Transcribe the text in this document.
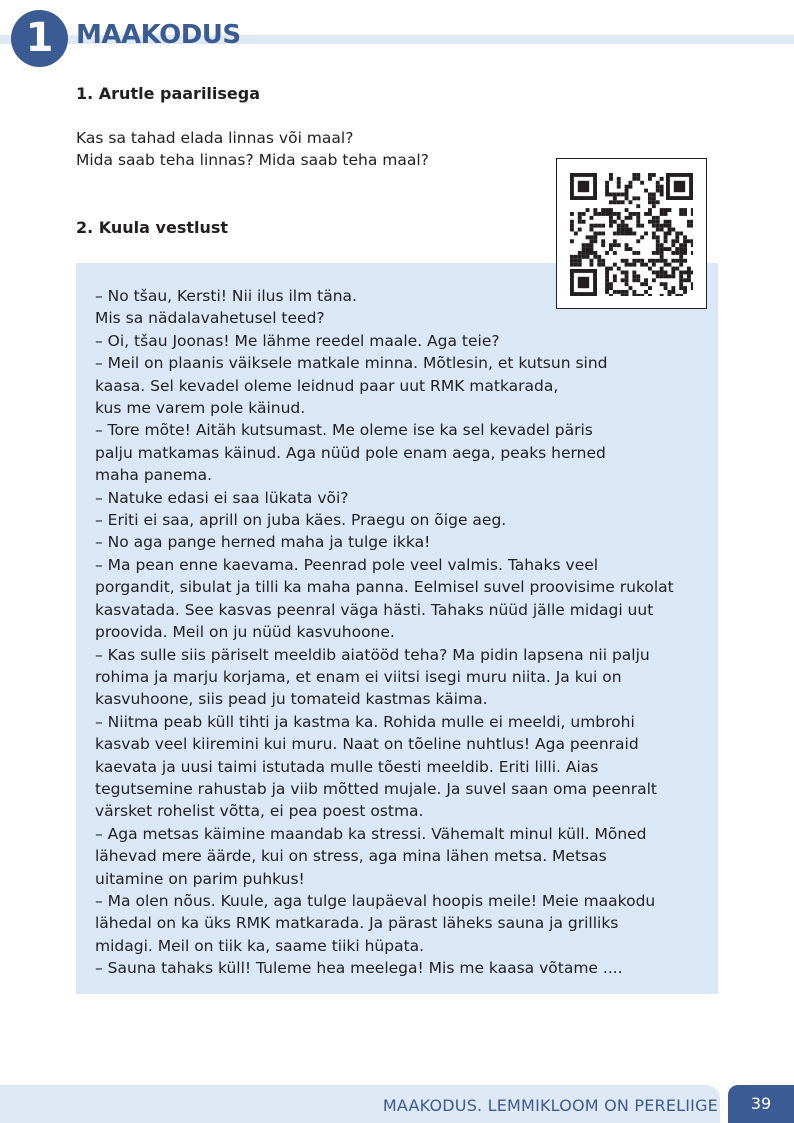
1 MAAKODUS
1. Arutle paarilisega
Kas sa tahad elada linnas või maal?
Mida saab teha linnas? Mida saab teha maal?
2. Kuula vestlust
– No tšau, Kersti! Nii ilus ilm täna.
Mis sa nädalavahetusel teed?
– Oi, tšau Joonas! Me lähme reedel maale. Aga teie?
– Meil on plaanis väiksele matkale minna. Mõtlesin, et kutsun sind
kaasa. Sel kevadel oleme leidnud paar uut RMK matkarada,
kus me varem pole käinud.
– Tore mõte! Aitäh kutsumast. Me oleme ise ka sel kevadel päris
palju matkamas käinud. Aga nüüd pole enam aega, peaks herned
maha panema.
– Natuke edasi ei saa lükata või?
– Eriti ei saa, aprill on juba käes. Praegu on õige aeg.
– No aga pange herned maha ja tulge ikka!
– Ma pean enne kaevama. Peenrad pole veel valmis. Tahaks veel
porgandit, sibulat ja tilli ka maha panna. Eelmisel suvel proovisime rukolat
kasvatada. See kasvas peenral väga hästi. Tahaks nüüd jälle midagi uut
proovida. Meil on ju nüüd kasvuhoone.
– Kas sulle siis päriselt meeldib aiatööd teha? Ma pidin lapsena nii palju
rohima ja marju korjama, et enam ei viitsi isegi muru niita. Ja kui on
kasvuhoone, siis pead ju tomateid kastmas käima.
– Niitma peab küll tihti ja kastma ka. Rohida mulle ei meeldi, umbrohi
kasvab veel kiiremini kui muru. Naat on tõeline nuhtlus! Aga peenraid
kaevata ja uusi taimi istutada mulle tõesti meeldib. Eriti lilli. Aias
tegutsemine rahustab ja viib mõtted mujale. Ja suvel saan oma peenralt
värsket rohelist võtta, ei pea poest ostma.
– Aga metsas käimine maandab ka stressi. Vähemalt minul küll. Mõned
lähevad mere äärde, kui on stress, aga mina lähen metsa. Metsas
uitamine on parim puhkus!
– Ma olen nõus. Kuule, aga tulge laupäeval hoopis meile! Meie maakodu
lähedal on ka üks RMK matkarada. Ja pärast läheks sauna ja grilliks
midagi. Meil on tiik ka, saame tiiki hüpata.
– Sauna tahaks küll! Tuleme hea meelega! Mis me kaasa võtame ....
MAAKODUS. LEMMIKLOOM ON PERELIIGE	39
